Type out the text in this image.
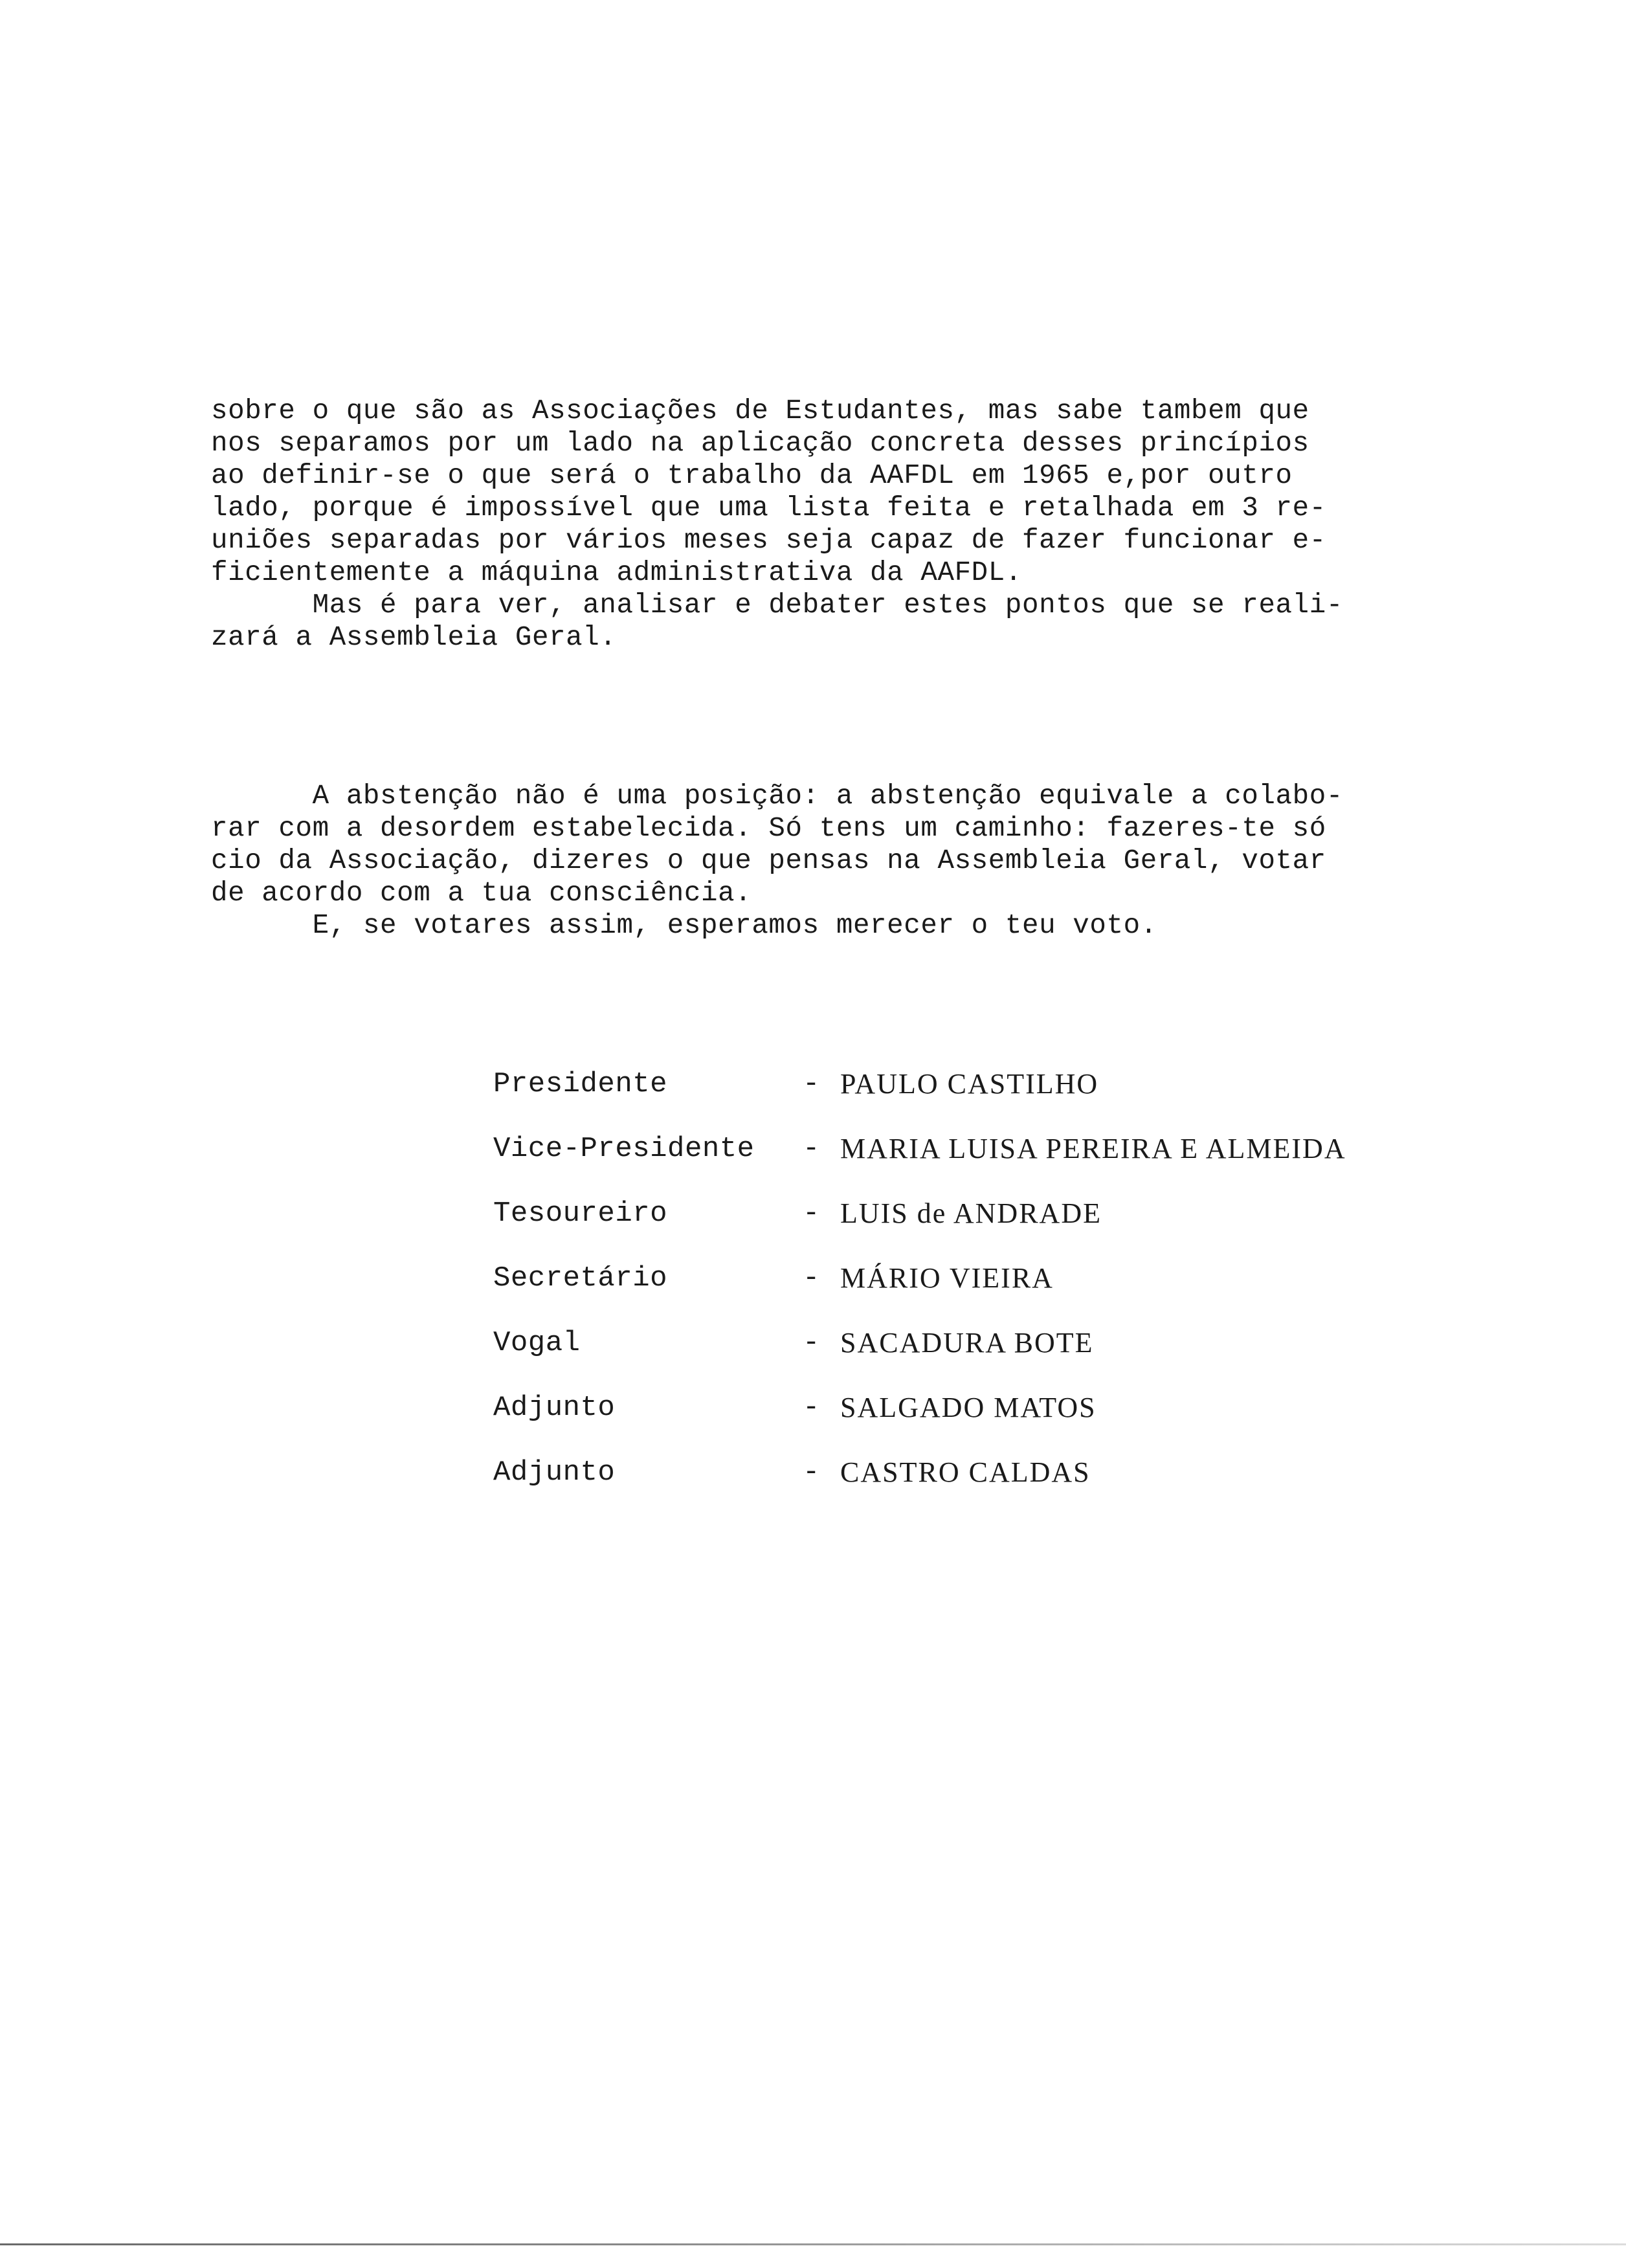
sobre o que são as Associações de Estudantes, mas sabe tambem que
nos separamos por um lado na aplicação concreta desses princípios
ao definir-se o que será o trabalho da AAFDL em 1965 e,por outro
lado, porque é impossível que uma lista feita e retalhada em 3 re-
uniões separadas por vários meses seja capaz de fazer funcionar e-
ficientemente a máquina administrativa da AAFDL.
Mas é para ver, analisar e debater estes pontos que se reali-
zará a Assembleia Geral.
A abstenção não é uma posição: a abstenção equivale a colabo-
rar com a desordem estabelecida. Só tens um caminho: fazeres-te só
cio da Associação, dizeres o que pensas na Assembleia Geral, votar
de acordo com a tua consciência.
E, se votares assim, esperamos merecer o teu voto.
Presidente	- PAULO CASTILHO
Vice-Presidente - MARIA LUISA PEREIRA E ALMEIDA
Tesoureiro	- LUIS de ANDRADE
Secretário	- MÁRIO VIEIRA
Vogal	- SACADURA BOTE
Adjunto	- SALGADO MATOS
Adjunto	- CASTRO CALDAS
